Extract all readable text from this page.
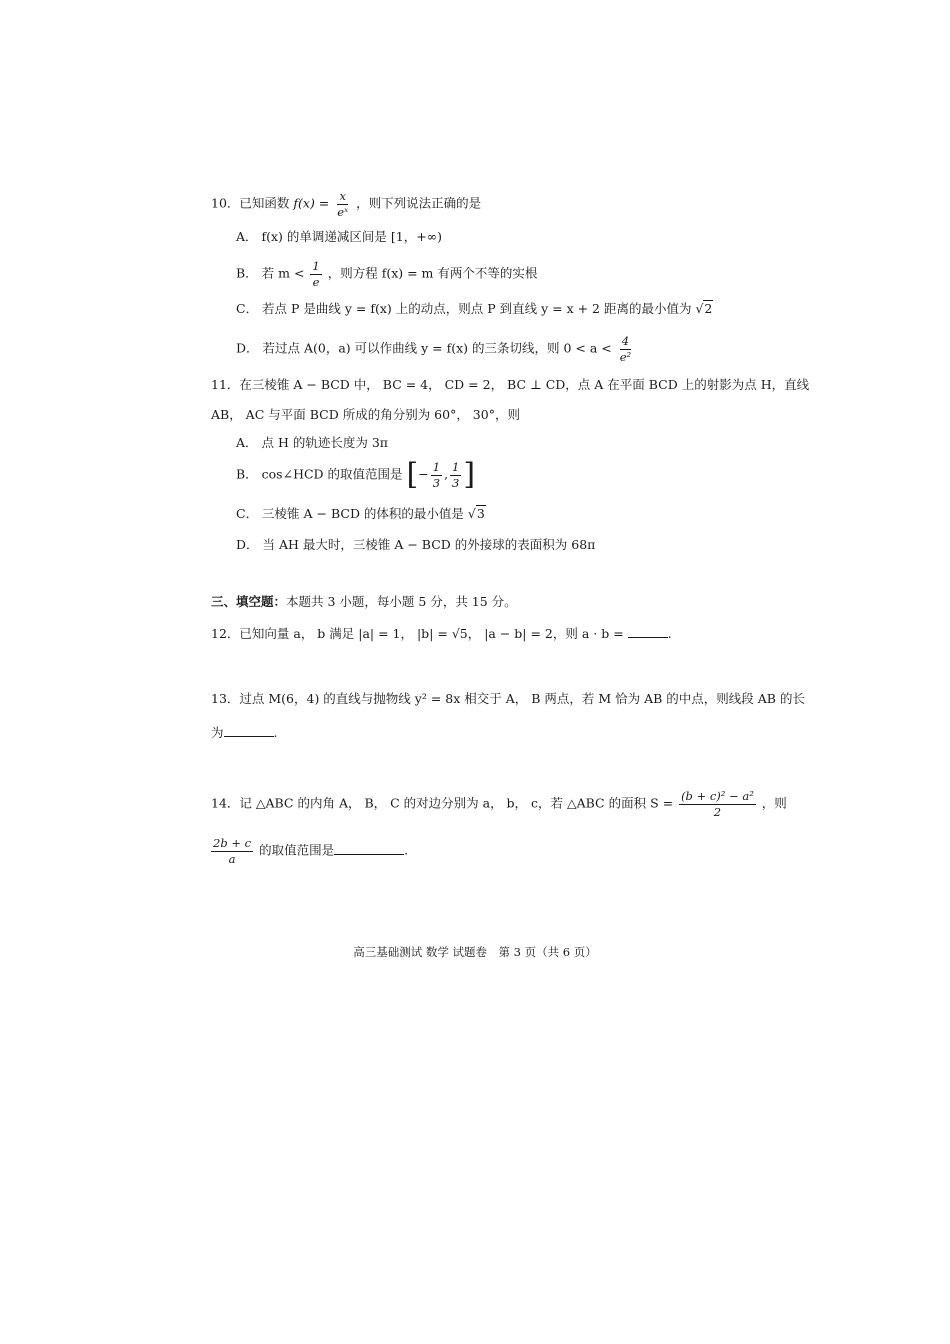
10．已知函数 $f(x) = \frac{x}{\text{eˣ}}$ ，则下列说法正确的是
A． f(x) 的单调递减区间是 [1，+∞)
B． 若 $m < \frac{1}{e}$ ，则方程 f(x) = m 有两个不等的实根
C． 若点 P 是曲线 y = f(x) 上的动点，则点 P 到直线 y = x + 2 距离的最小值为 √2
D． 若过点 A(0，a) 可以作曲线 y = f(x) 的三条切线，则 $0 < a < \frac{4}{\text{e²}}$
11．在三棱锥 A − BCD 中， BC = 4， CD = 2， BC ⊥ CD，点 A 在平面 BCD 上的射影为点 H，直线
AB， AC 与平面 BCD 所成的角分别为 60°， 30°，则
A． 点 H 的轨迹长度为 3π
B． cos∠HCD 的取值范围是 [− $\frac{1}{3}$ , $\frac{1}{3}$ ]
C． 三棱锥 A − BCD 的体积的最小值是 √3
D． 当 AH 最大时，三棱锥 A − BCD 的外接球的表面积为 68π
三、填空题：本题共 3 小题，每小题 5 分，共 15 分。
12．已知向量 a， b 满足 |a| = 1， |b| = √5， |a − b| = 2，则 a · b =	.
13．过点 M(6，4) 的直线与抛物线 y² = 8x 相交于 A， B 两点，若 M 恰为 AB 的中点，则线段 AB 的长
为	.
14．记 △ABC 的内角 A， B， C 的对边分别为 a， b， c，若 △ABC 的面积 $S = \frac{\text{(b + c)² − a²}}{2}$ ，则
$\frac{2b + c}{a}$ 的取值范围是	.
高三基础测试 数学 试题卷　第 3 页（共 6 页）
